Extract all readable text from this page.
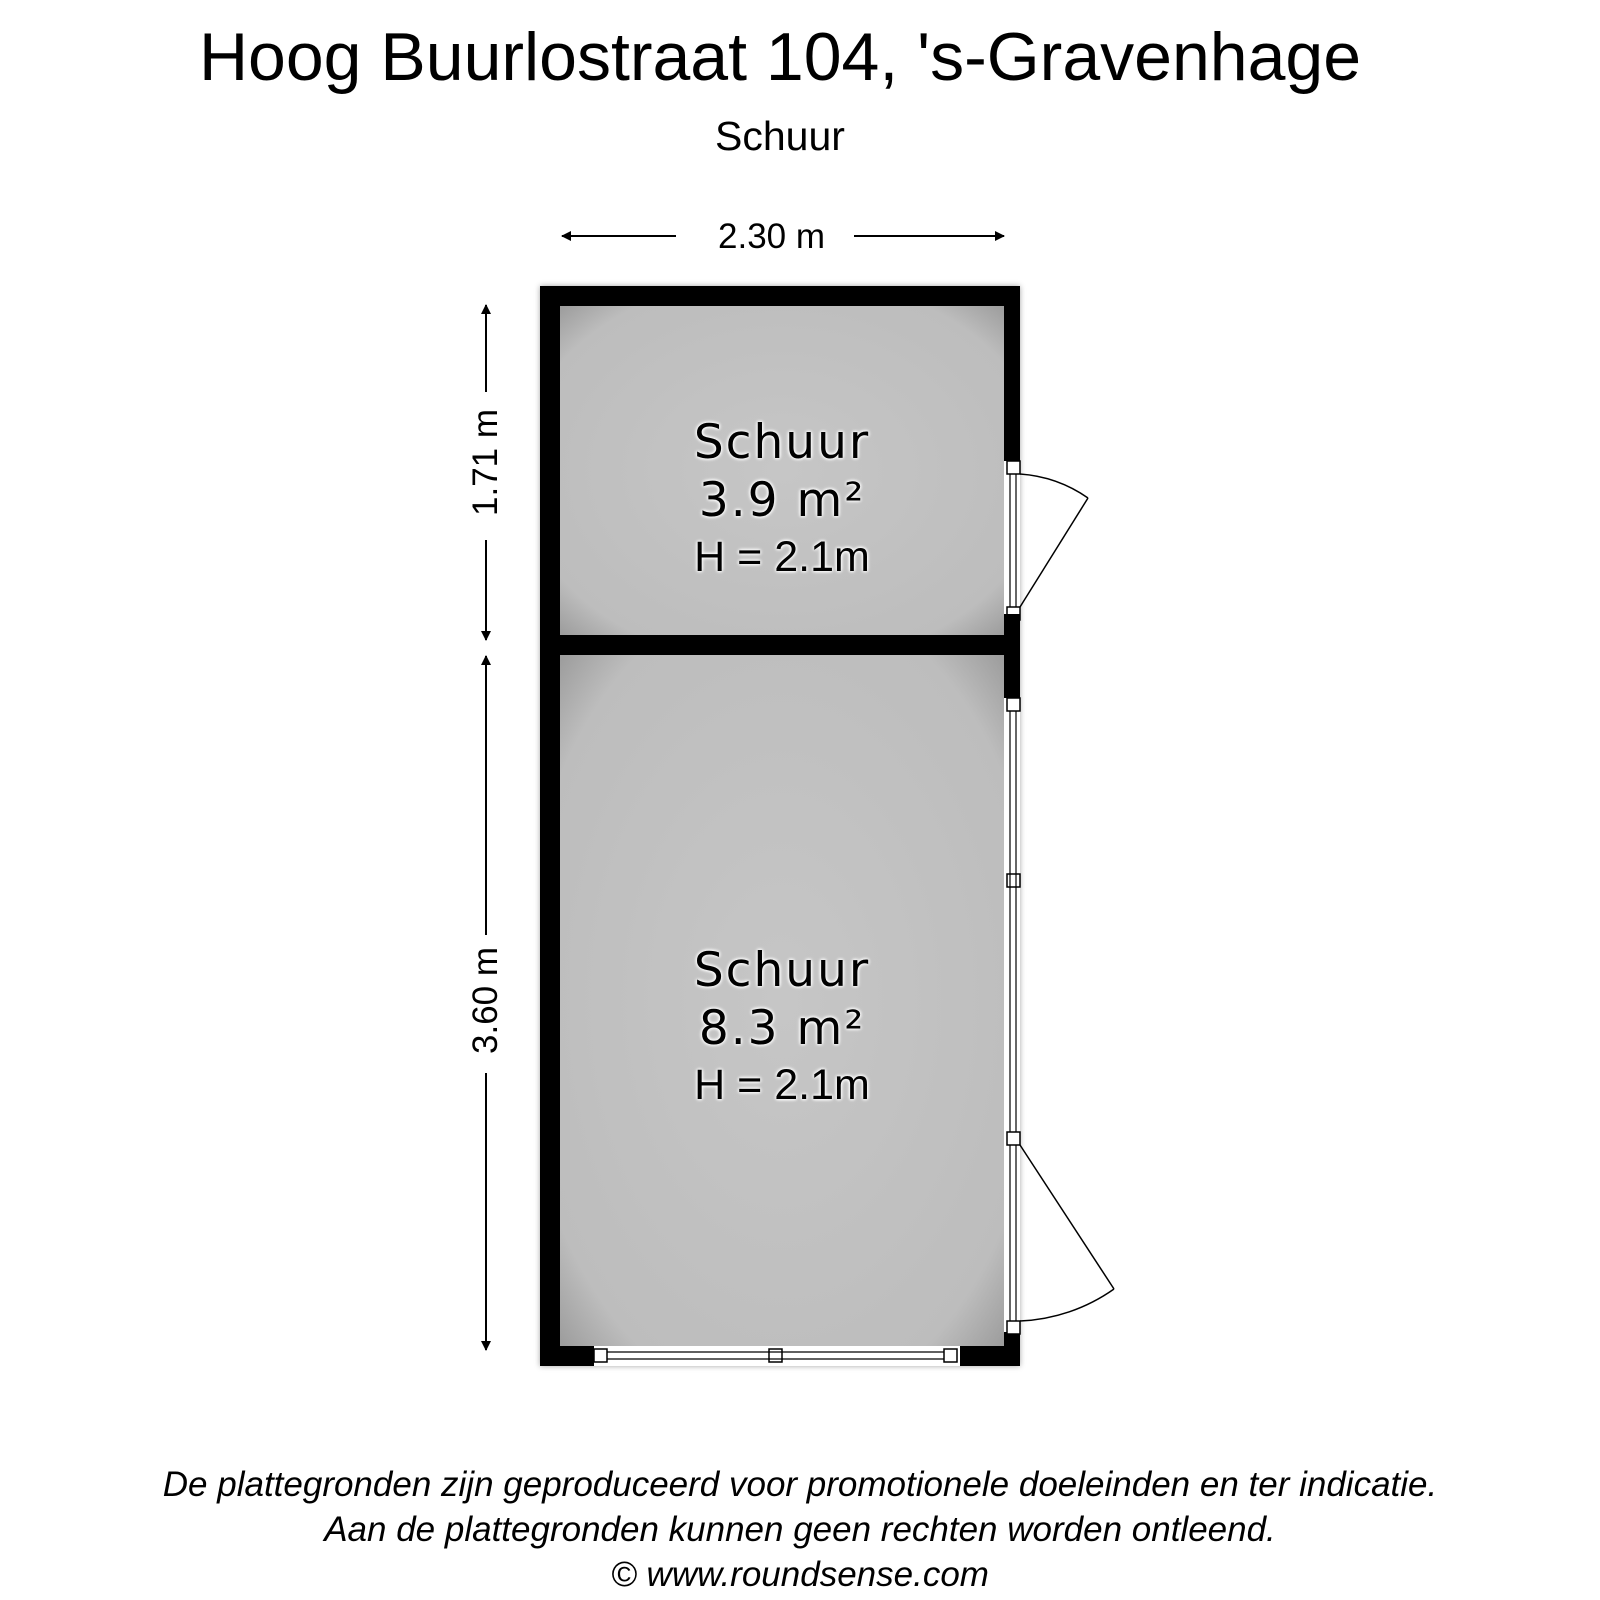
Hoog Buurlostraat 104, 's-Gravenhage
Schuur
2.30 m
1.71 m
3.60 m
Schuur
3.9 m²
H = 2.1m
Schuur
8.3 m²
H = 2.1m
De plattegronden zijn geproduceerd voor promotionele doeleinden en ter indicatie.
Aan de plattegronden kunnen geen rechten worden ontleend.
© www.roundsense.com
